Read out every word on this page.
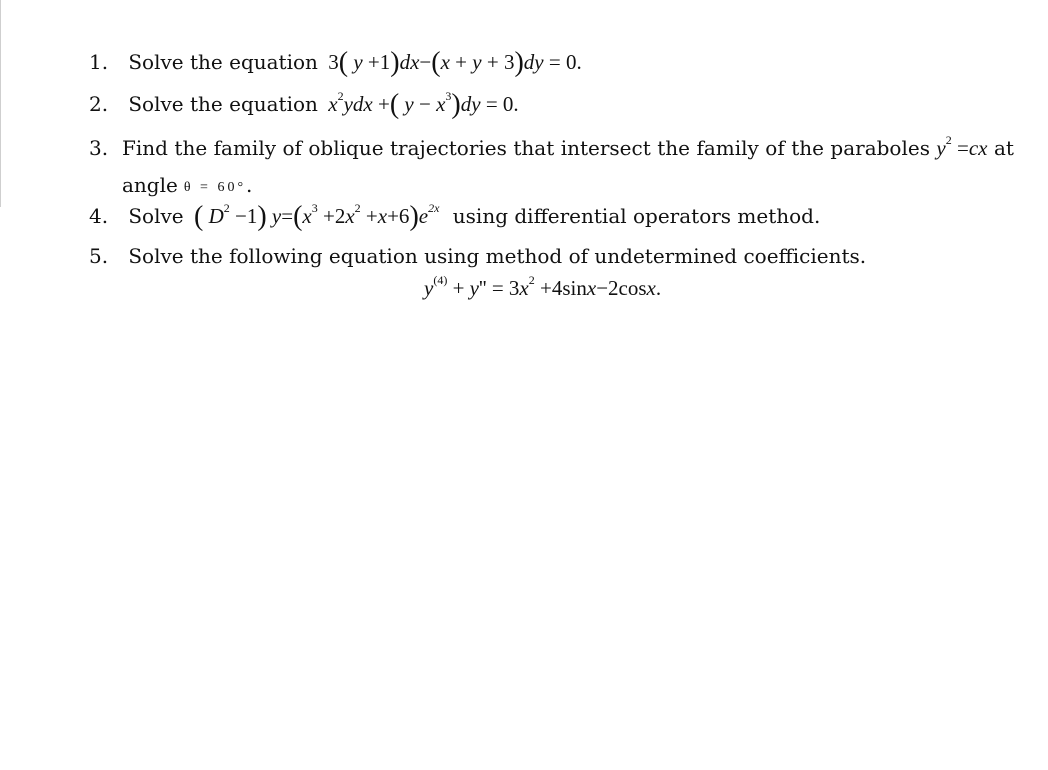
1. Solve the equation 3( y +1)dx−(x + y + 3)dy = 0.
2. Solve the equation $x^2ydx$ +( $y - x^3)dy = 0$.
3. Find the family of oblique trajectories that intersect the family of the paraboles $y^2 =cx$ at
angle θ = 60°.
4. Solve ( $D^2 -1$) $y=(x^3 +2x^2 +x+6)e^{2x}$ using differential operators method.
5. Solve the following equation using method of undetermined coefficients.
$y^{(4)} + y'' = 3x^2 +4\sin x-2\cos x$.
